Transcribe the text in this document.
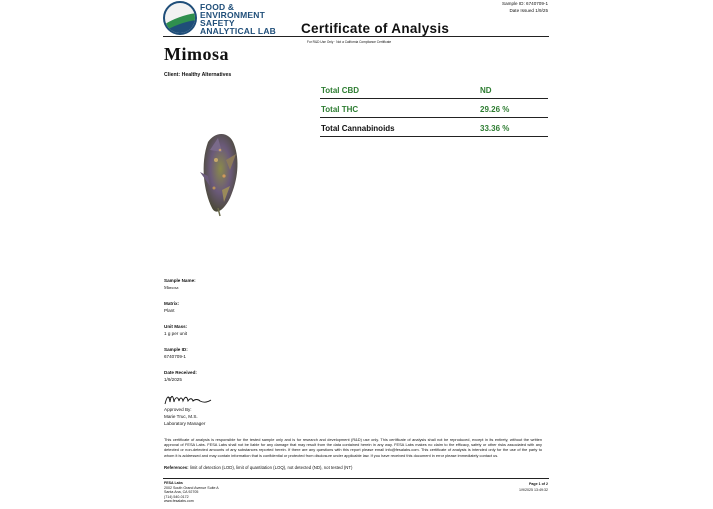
FOOD &
ENVIRONMENT
SAFETY
ANALYTICAL LAB
Sample ID: 6740709-1
Date Issued 1/9/25
Certificate of Analysis
For R&D Use Only · Not a California Compliance Certificate
Mimosa
Client: Healthy Alternatives
Total CBD	ND
Total THC	29.26 %
Total Cannabinoids	33.36 %
Sample Name:
Mimosa
Matrix:
Plant
Unit Mass:
1 g per unit
Sample ID:
6740709-1
Date Received:
1/9/2025
Approved By:
Marie Truc, M.S.
Laboratory Manager
This certificate of analysis is responsible for the tested sample only and is for research and development (R&D) use only. This certificate of analysis shall not be reproduced, except in its entirety, without the written approval of FESA Labs. FESA Labs shall not be liable for any damage that may result from the data contained herein in any way. FESA Labs makes no claim to the efficacy, safety or other risks associated with any detected or non-detected amounts of any substances reported herein. If there are any questions with this report please email info@fesalabs.com. This certificate of analysis is intended only for the use of the party to whom it is addressed and may contain information that is confidential or protected from disclosure under applicable law. If you have received this document in error please immediately contact us.
References: limit of detection (LOD), limit of quantitation (LOQ), not detected (ND), not tested (NT)
FESA Labs
2002 South Grand Avenue Suite A
Santa Ana, CA 92705
(714) 540-0172
www.fesalabs.com
Page 1 of 2
1/9/2025 13:49:32
